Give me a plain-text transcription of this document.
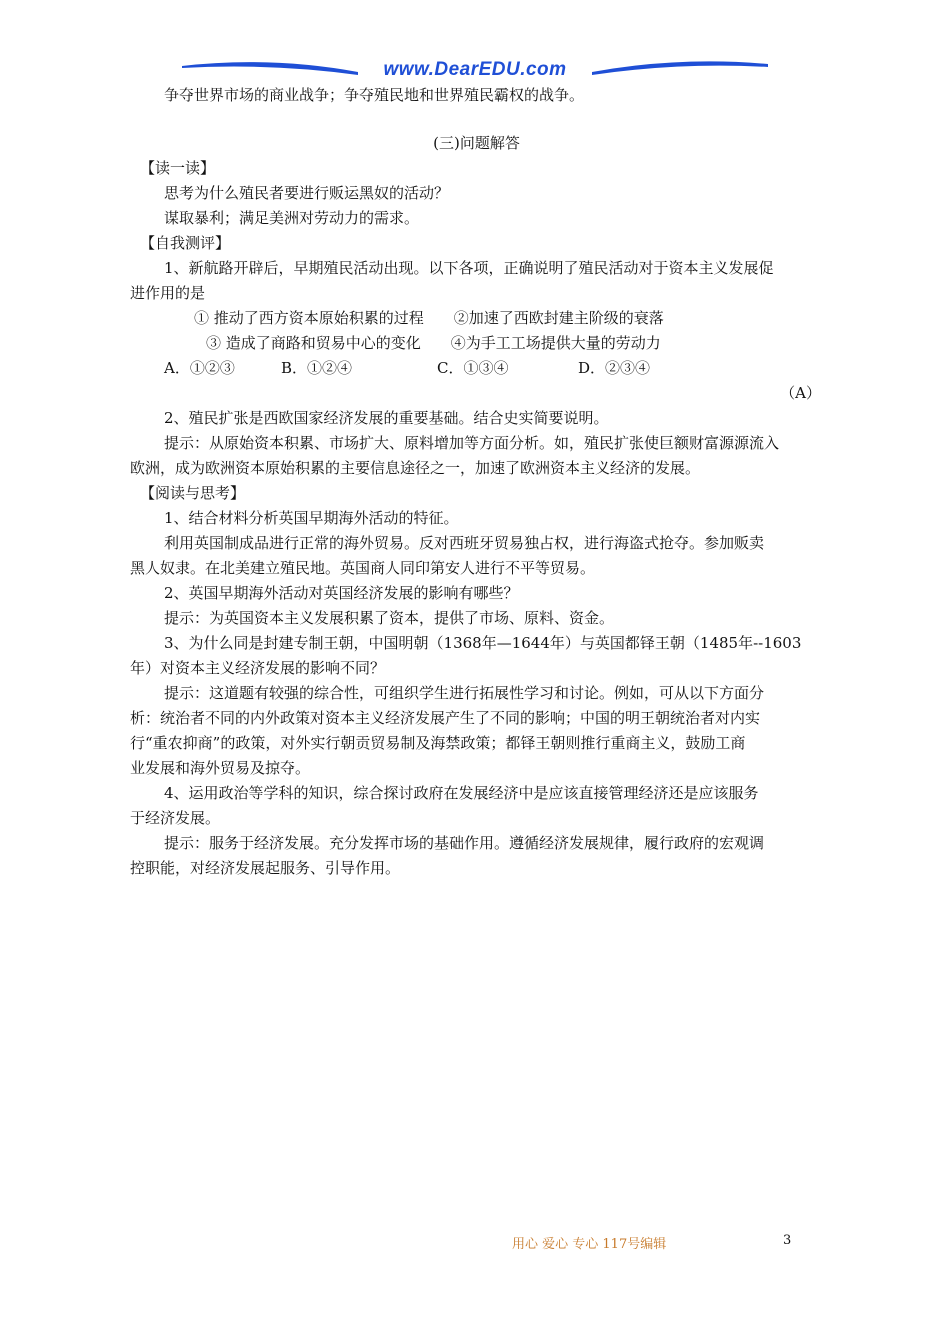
www.DearEDU.com

争夺世界市场的商业战争；争夺殖民地和世界殖民霸权的战争。

(三)问题解答

【读一读】

思考为什么殖民者要进行贩运黑奴的活动？

谋取暴利；满足美洲对劳动力的需求。

【自我测评】

1、新航路开辟后，早期殖民活动出现。以下各项，正确说明了殖民活动对于资本主义发展促

进作用的是

① 推动了西方资本原始积累的过程　　②加速了西欧封建主阶级的衰落

③ 造成了商路和贸易中心的变化　　④为手工工场提供大量的劳动力

A．①②③	B．①②④	C．①③④	D．②③④

（A）

2、殖民扩张是西欧国家经济发展的重要基础。结合史实简要说明。

提示：从原始资本积累、市场扩大、原料增加等方面分析。如，殖民扩张使巨额财富源源流入

欧洲，成为欧洲资本原始积累的主要信息途径之一，加速了欧洲资本主义经济的发展。

【阅读与思考】

1、结合材料分析英国早期海外活动的特征。

利用英国制成品进行正常的海外贸易。反对西班牙贸易独占权，进行海盗式抢夺。参加贩卖

黑人奴隶。在北美建立殖民地。英国商人同印第安人进行不平等贸易。

2、英国早期海外活动对英国经济发展的影响有哪些？

提示：为英国资本主义发展积累了资本，提供了市场、原料、资金。

3、为什么同是封建专制王朝，中国明朝（1368年—1644年）与英国都铎王朝（1485年--1603

年）对资本主义经济发展的影响不同？

提示：这道题有较强的综合性，可组织学生进行拓展性学习和讨论。例如，可从以下方面分

析：统治者不同的内外政策对资本主义经济发展产生了不同的影响；中国的明王朝统治者对内实

行“重农抑商”的政策，对外实行朝贡贸易制及海禁政策；都铎王朝则推行重商主义，鼓励工商

业发展和海外贸易及掠夺。

4、运用政治等学科的知识，综合探讨政府在发展经济中是应该直接管理经济还是应该服务

于经济发展。

提示：服务于经济发展。充分发挥市场的基础作用。遵循经济发展规律，履行政府的宏观调

控职能，对经济发展起服务、引导作用。

用心 爱心 专心 117号编辑	3
